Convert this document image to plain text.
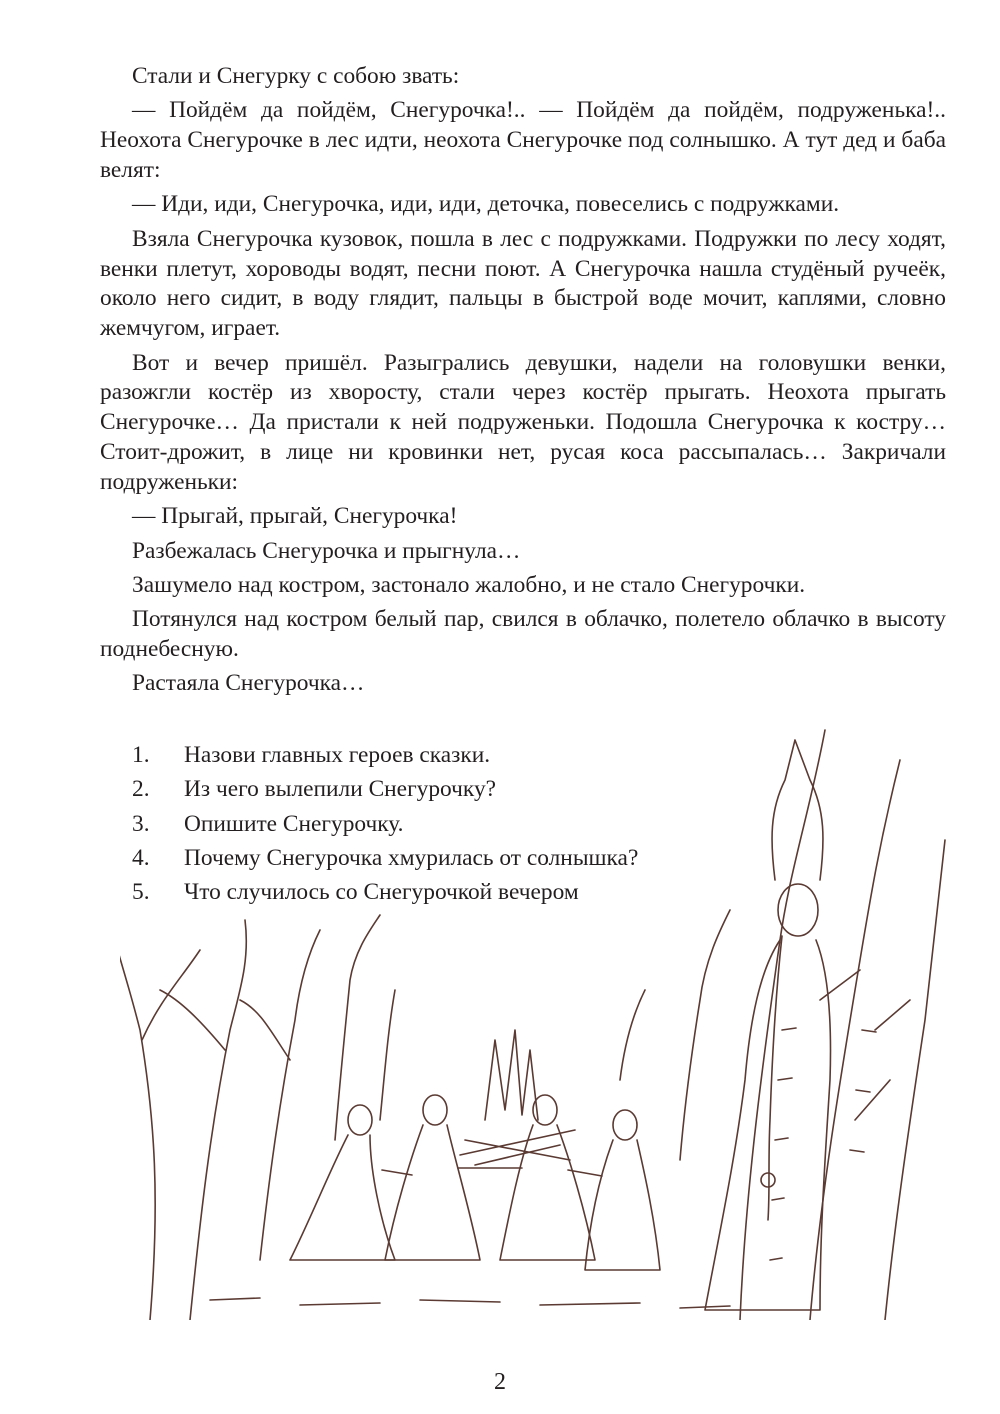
Стали и Снегурку с собою звать:

— Пойдём да пойдём, Снегурочка!.. — Пойдём да пойдём, подруженька!.. Неохота Снегурочке в лес идти, неохота Снегурочке под солнышко. А тут дед и баба велят:

— Иди, иди, Снегурочка, иди, иди, деточка, повеселись с подружками.

Взяла Снегурочка кузовок, пошла в лес с подружками. Подружки по лесу ходят, венки плетут, хороводы водят, песни поют. А Снегурочка нашла студёный ручеёк, около него сидит, в воду глядит, пальцы в быстрой воде мочит, каплями, словно жемчугом, играет.

Вот и вечер пришёл. Разыгрались девушки, надели на головушки венки, разожгли костёр из хворосту, стали через костёр прыгать. Неохота прыгать Снегурочке… Да пристали к ней подруженьки. Подошла Снегурочка к костру… Стоит-дрожит, в лице ни кровинки нет, русая коса рассыпалась… Закричали подруженьки:

— Прыгай, прыгай, Снегурочка!

Разбежалась Снегурочка и прыгнула…

Зашумело над костром, застонало жалобно, и не стало Снегурочки.

Потянулся над костром белый пар, свился в облачко, полетело облачко в высоту поднебесную.

Растаяла Снегурочка…

1.	Назови главных героев сказки.
2.	Из чего вылепили Снегурочку?
3.	Опишите Снегурочку.
4.	Почему Снегурочка хмурилась от солнышка?
5.	Что случилось со Снегурочкой вечером
2
